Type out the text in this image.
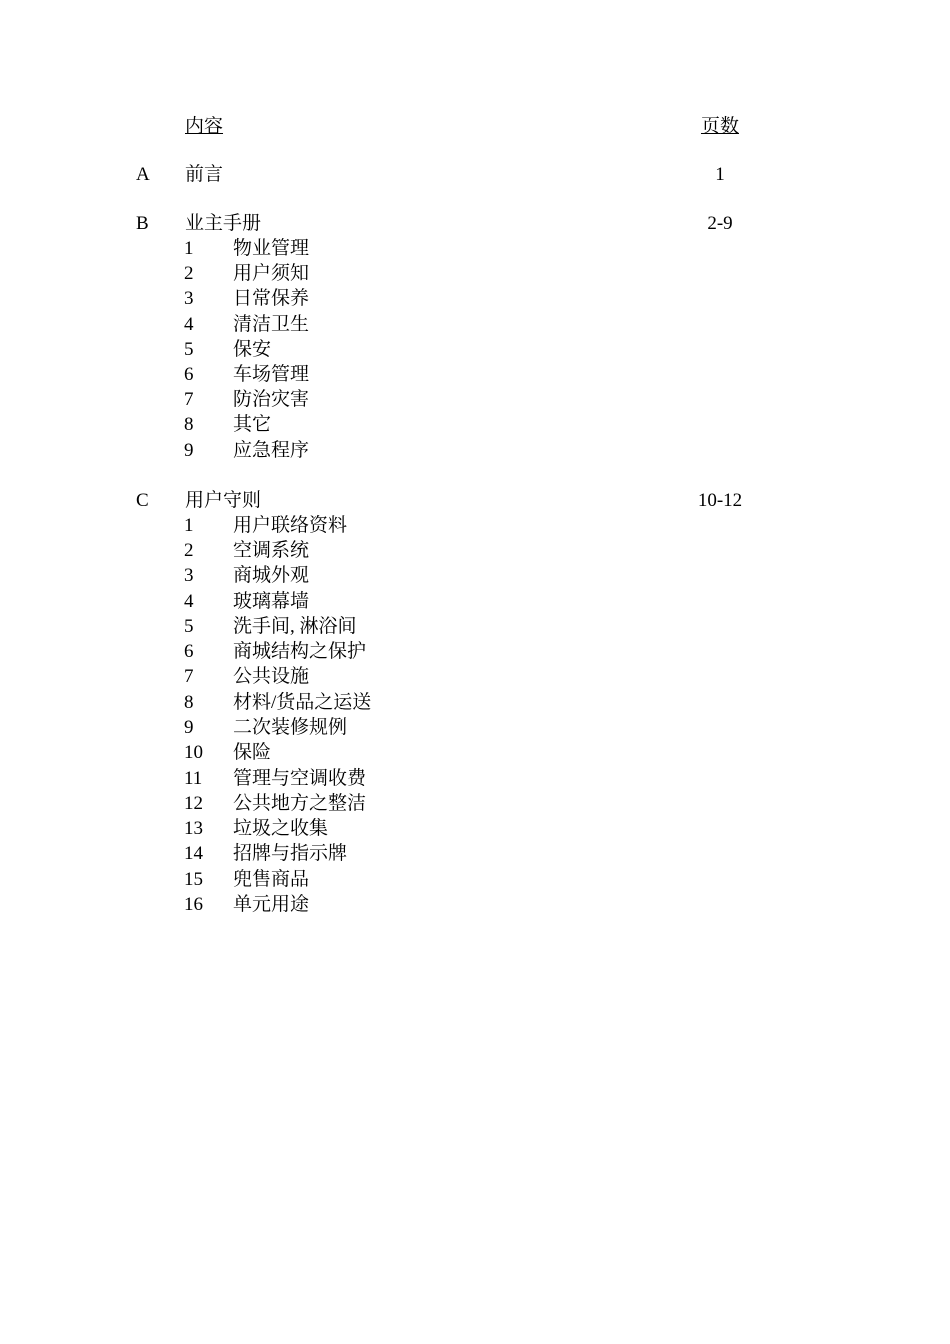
内容	页数
A 前言	1
B 业主手册	2-9
1 物业管理
2 用户须知
3 日常保养
4 清洁卫生
5 保安
6 车场管理
7 防治灾害
8 其它
9 应急程序
C 用户守则	10-12
1 用户联络资料
2 空调系统
3 商城外观
4 玻璃幕墙
5 洗手间, 淋浴间
6 商城结构之保护
7 公共设施
8 材料/货品之运送
9 二次装修规例
10 保险
11 管理与空调收费
12 公共地方之整洁
13 垃圾之收集
14 招牌与指示牌
15 兜售商品
16 单元用途
